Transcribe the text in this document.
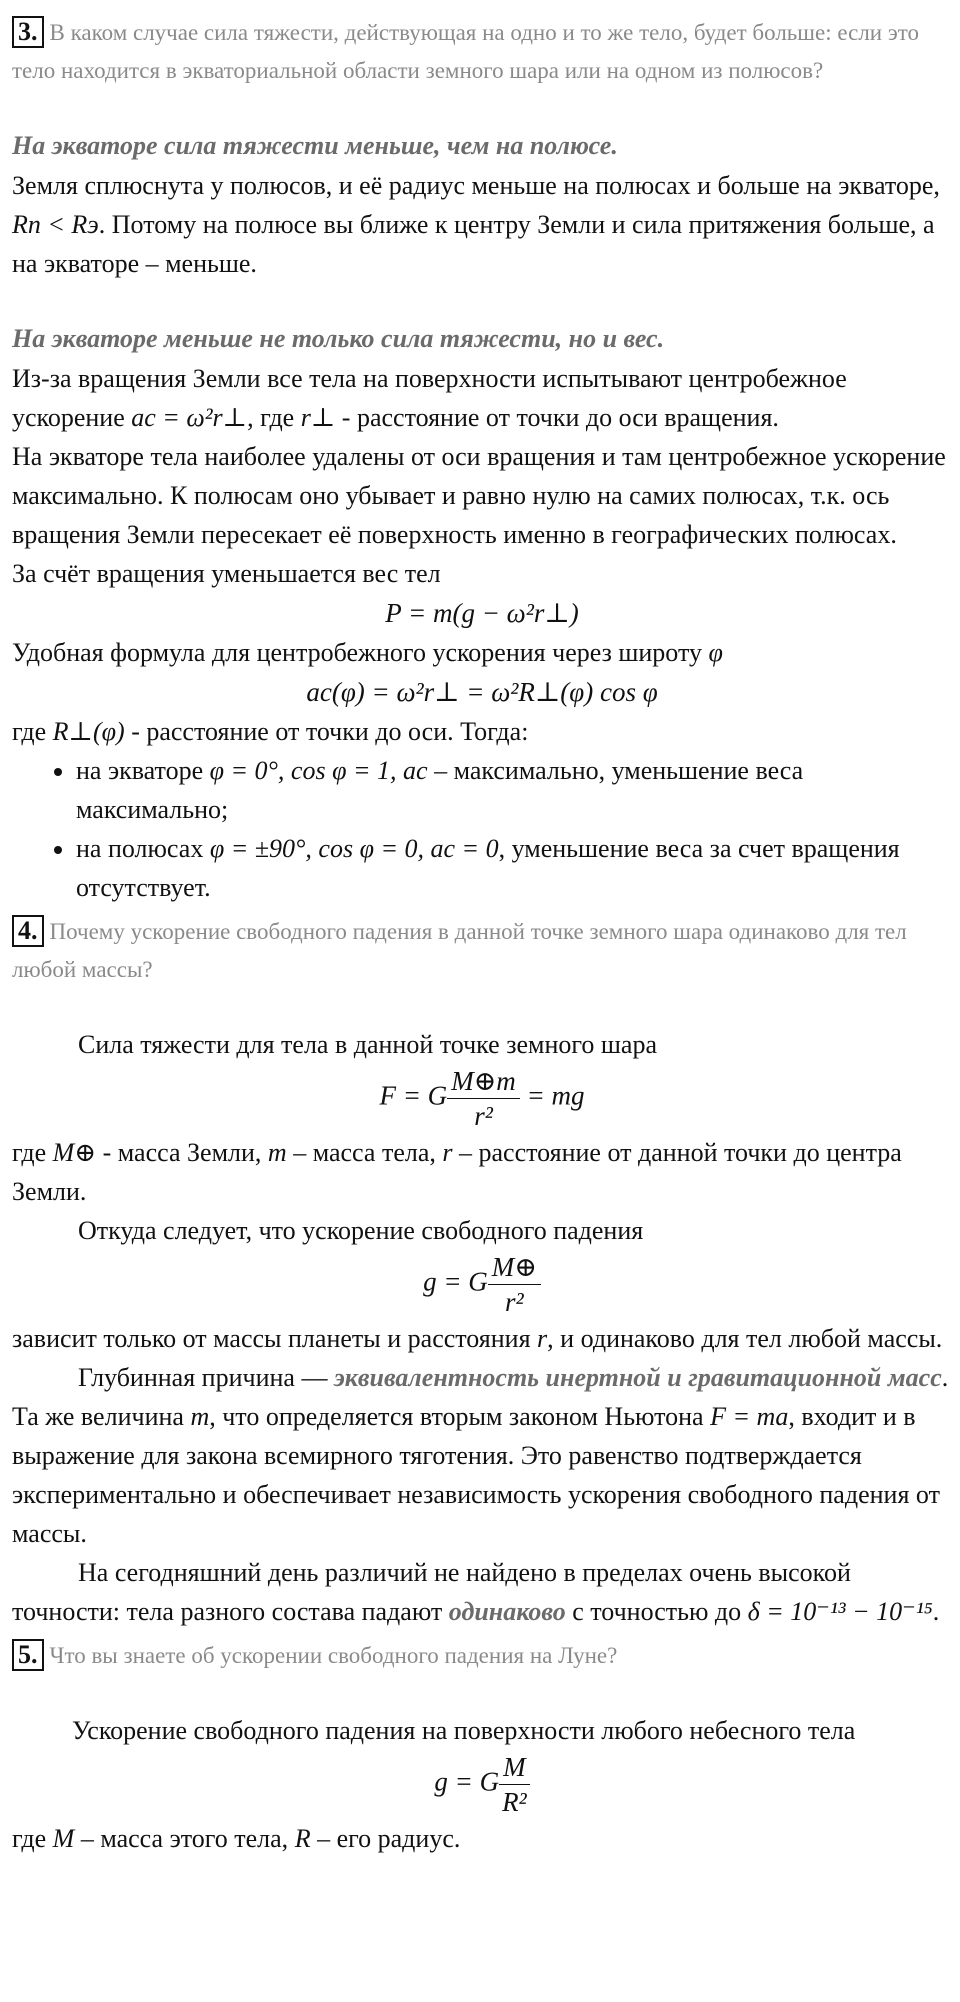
3. В каком случае сила тяжести, действующая на одно и то же тело, будет больше: если это тело находится в экваториальной области земного шара или на одном из полюсов?
На экваторе сила тяжести меньше, чем на полюсе.
Земля сплюснута у полюсов, и её радиус меньше на полюсах и больше на экваторе, Rп < Rэ. Потому на полюсе вы ближе к центру Земли и сила притяжения больше, а на экваторе – меньше.
На экваторе меньше не только сила тяжести, но и вес.
Из-за вращения Земли все тела на поверхности испытывают центробежное ускорение aс = ω²r⊥, где r⊥ - расстояние от точки до оси вращения.
На экваторе тела наиболее удалены от оси вращения и там центробежное ускорение максимально. К полюсам оно убывает и равно нулю на самих полюсах, т.к. ось вращения Земли пересекает её поверхность именно в географических полюсах.
За счёт вращения уменьшается вес тел
P = m(g − ω²r⊥)
Удобная формула для центробежного ускорения через широту φ
aс(φ) = ω²r⊥ = ω²R⊥(φ) cos φ
где R⊥(φ) - расстояние от точки до оси. Тогда:
• на экваторе φ = 0°, cos φ = 1, aс – максимально, уменьшение веса максимально;
• на полюсах φ = ±90°, cos φ = 0, aс = 0, уменьшение веса за счет вращения отсутствует.
4. Почему ускорение свободного падения в данной точке земного шара одинаково для тел любой массы?
Сила тяжести для тела в данной точке земного шара
F = G $\frac{M\oplus m}{\text{r²}}$ = mg
где M⊕ - масса Земли, m – масса тела, r – расстояние от данной точки до центра Земли.
Откуда следует, что ускорение свободного падения
g = G $\frac{M\oplus}{\text{r²}}$
зависит только от массы планеты и расстояния r, и одинаково для тел любой массы.
Глубинная причина — эквивалентность инертной и гравитационной масс. Та же величина m, что определяется вторым законом Ньютона F = ma, входит и в выражение для закона всемирного тяготения. Это равенство подтверждается экспериментально и обеспечивает независимость ускорения свободного падения от массы.
На сегодняшний день различий не найдено в пределах очень высокой точности: тела разного состава падают одинаково с точностью до δ = 10⁻¹³ − 10⁻¹⁵.
5. Что вы знаете об ускорении свободного падения на Луне?
Ускорение свободного падения на поверхности любого небесного тела
g = G $\frac{M}{\text{R²}}$
где M – масса этого тела, R – его радиус.
